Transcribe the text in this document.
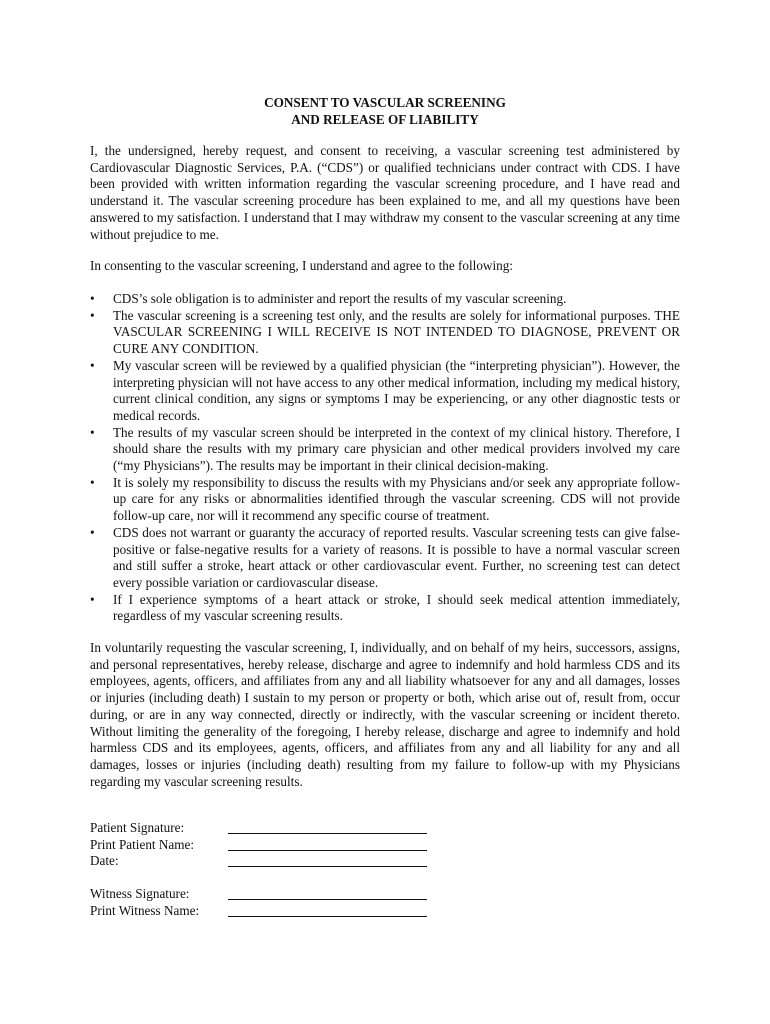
CONSENT TO VASCULAR SCREENING
AND RELEASE OF LIABILITY

I, the undersigned, hereby request, and consent to receiving, a vascular screening test administered by Cardiovascular Diagnostic Services, P.A. (“CDS”) or qualified technicians under contract with CDS. I have been provided with written information regarding the vascular screening procedure, and I have read and understand it. The vascular screening procedure has been explained to me, and all my questions have been answered to my satisfaction. I understand that I may withdraw my consent to the vascular screening at any time without prejudice to me.

In consenting to the vascular screening, I understand and agree to the following:

•	CDS’s sole obligation is to administer and report the results of my vascular screening.
•	The vascular screening is a screening test only, and the results are solely for informational purposes. THE VASCULAR SCREENING I WILL RECEIVE IS NOT INTENDED TO DIAGNOSE, PREVENT OR CURE ANY CONDITION.
•	My vascular screen will be reviewed by a qualified physician (the “interpreting physician”). However, the interpreting physician will not have access to any other medical information, including my medical history, current clinical condition, any signs or symptoms I may be experiencing, or any other diagnostic tests or medical records.
•	The results of my vascular screen should be interpreted in the context of my clinical history. Therefore, I should share the results with my primary care physician and other medical providers involved my care (“my Physicians”). The results may be important in their clinical decision-making.
•	It is solely my responsibility to discuss the results with my Physicians and/or seek any appropriate follow-up care for any risks or abnormalities identified through the vascular screening. CDS will not provide follow-up care, nor will it recommend any specific course of treatment.
•	CDS does not warrant or guaranty the accuracy of reported results. Vascular screening tests can give false-positive or false-negative results for a variety of reasons. It is possible to have a normal vascular screen and still suffer a stroke, heart attack or other cardiovascular event. Further, no screening test can detect every possible variation or cardiovascular disease.
•	If I experience symptoms of a heart attack or stroke, I should seek medical attention immediately, regardless of my vascular screening results.

In voluntarily requesting the vascular screening, I, individually, and on behalf of my heirs, successors, assigns, and personal representatives, hereby release, discharge and agree to indemnify and hold harmless CDS and its employees, agents, officers, and affiliates from any and all liability whatsoever for any and all damages, losses or injuries (including death) I sustain to my person or property or both, which arise out of, result from, occur during, or are in any way connected, directly or indirectly, with the vascular screening or incident thereto. Without limiting the generality of the foregoing, I hereby release, discharge and agree to indemnify and hold harmless CDS and its employees, agents, officers, and affiliates from any and all liability for any and all damages, losses or injuries (including death) resulting from my failure to follow-up with my Physicians regarding my vascular screening results.

Patient Signature:
Print Patient Name:
Date:
Witness Signature:
Print Witness Name:
